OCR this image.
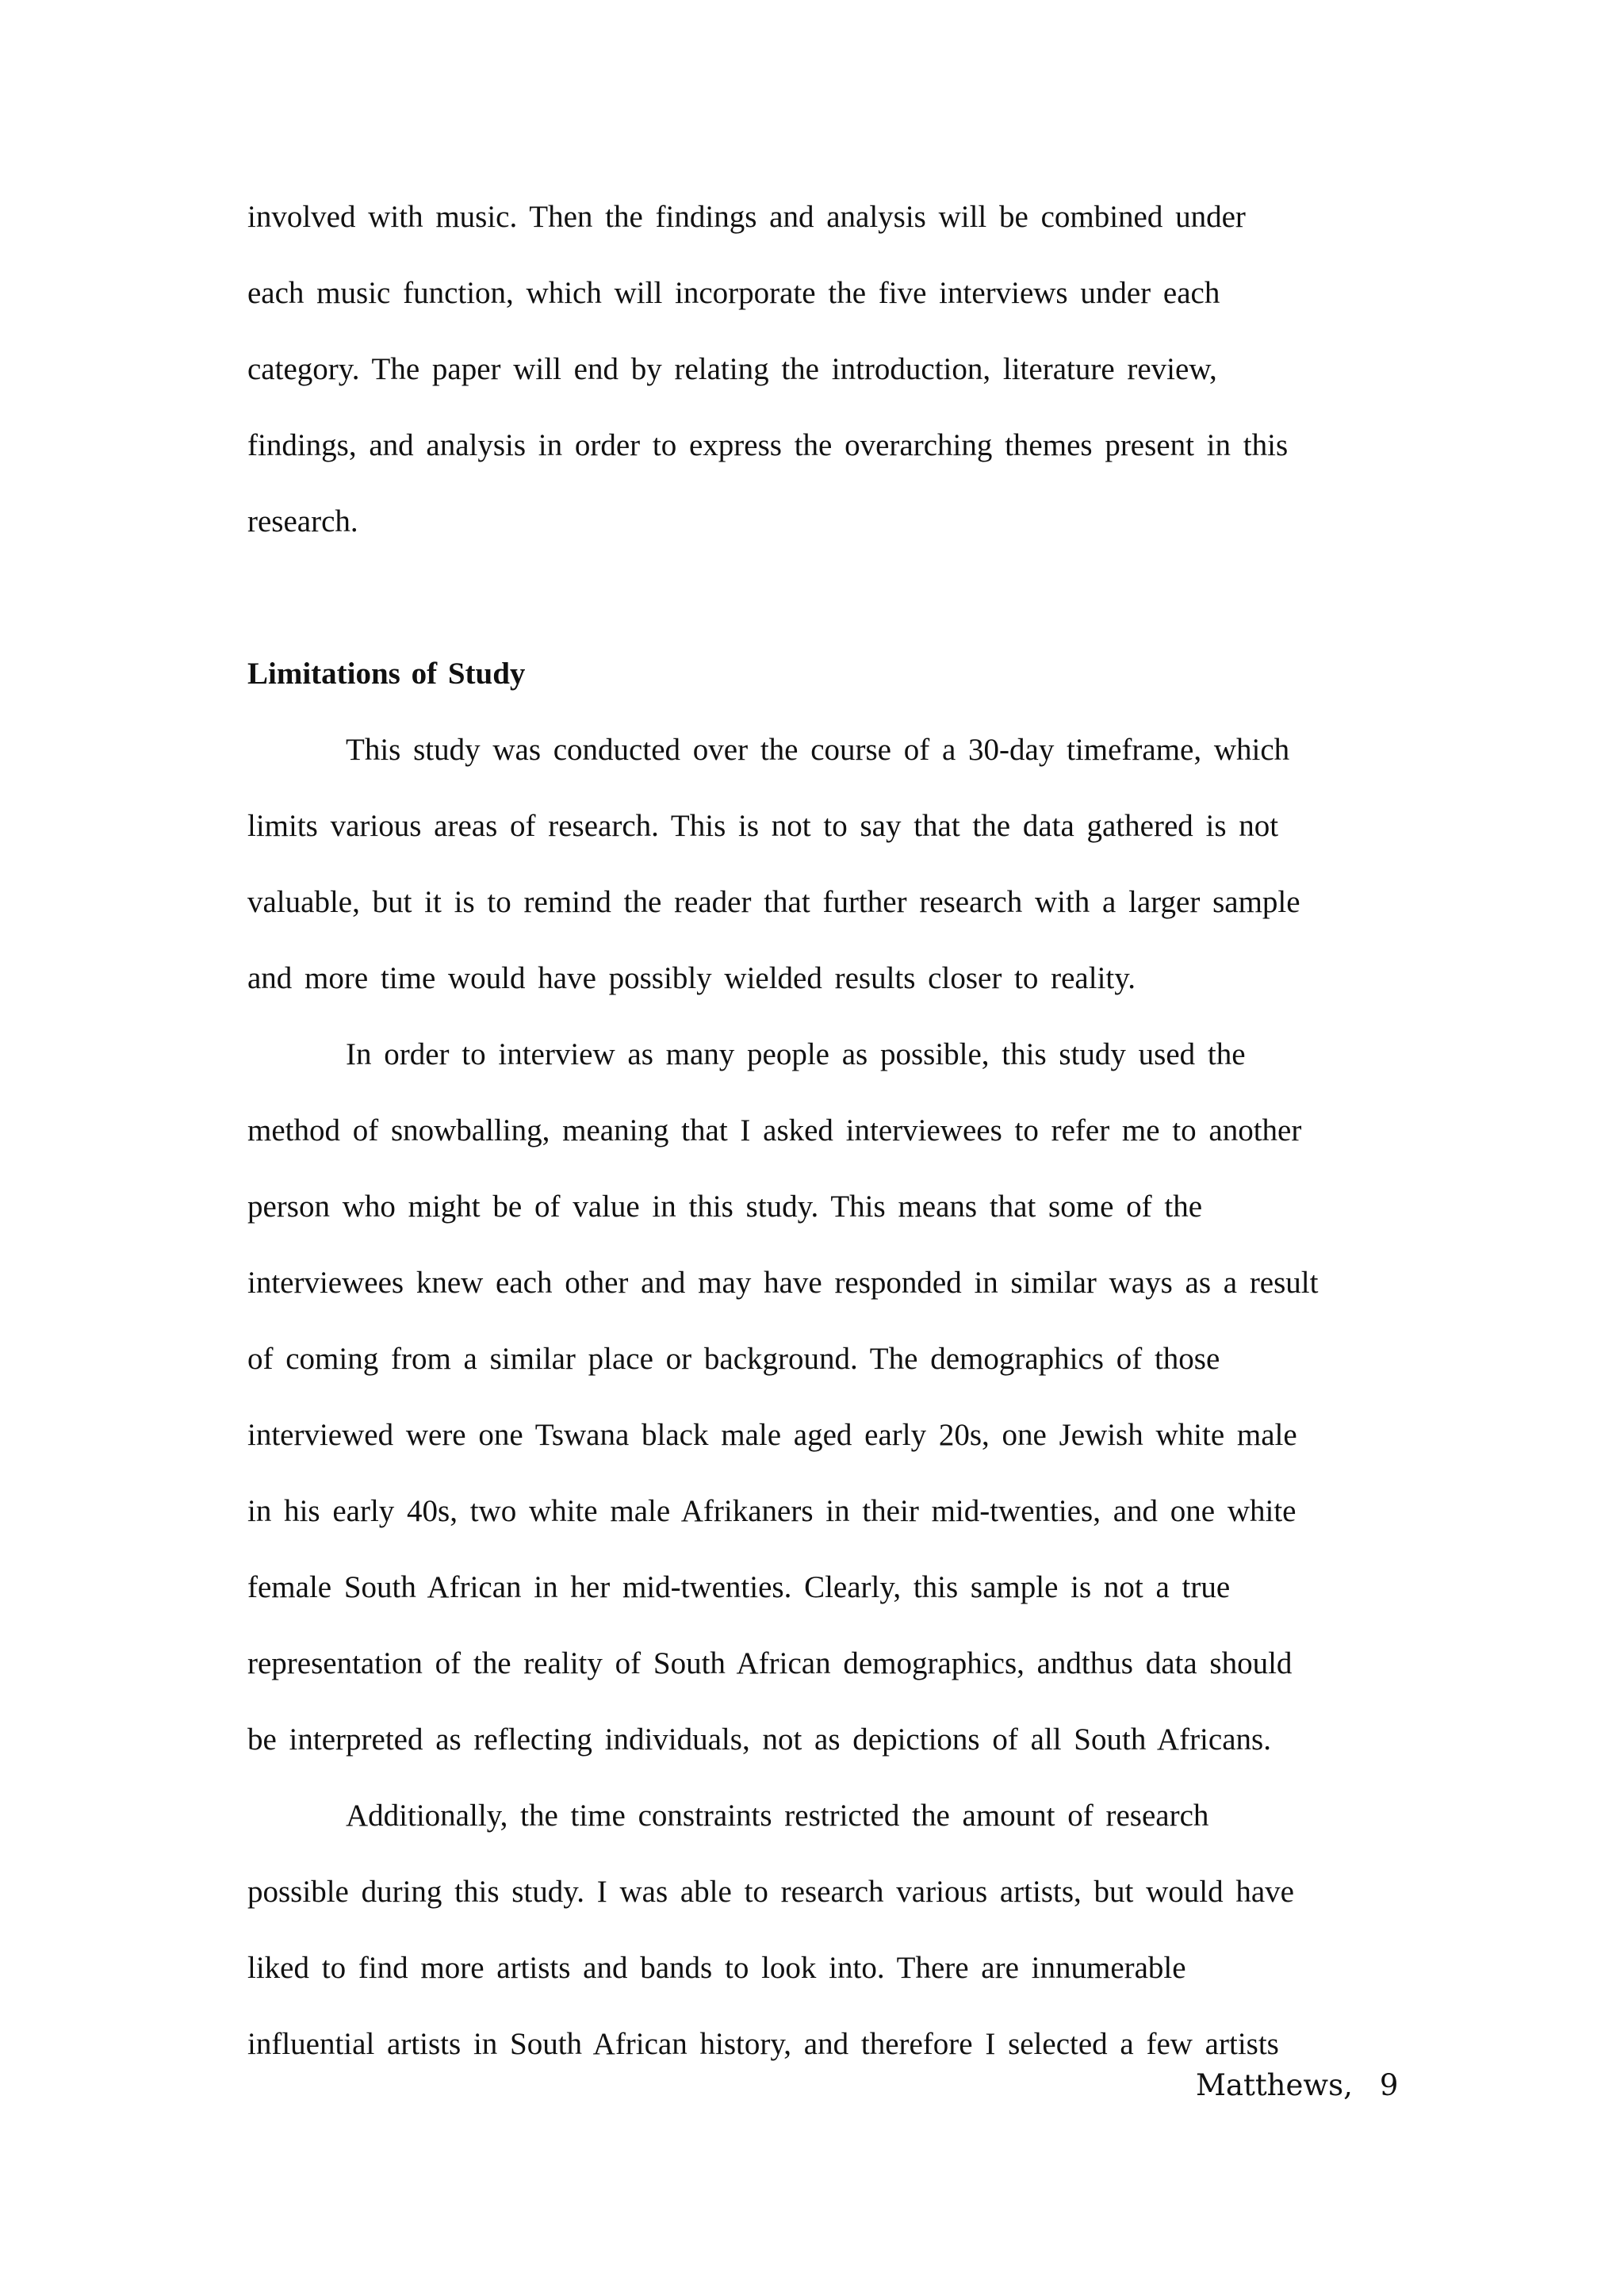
involved with music. Then the findings and analysis will be combined under
each music function, which will incorporate the five interviews under each
category. The paper will end by relating the introduction, literature review,
findings, and analysis in order to express the overarching themes present in this
research.
Limitations of Study
This study was conducted over the course of a 30-day timeframe, which
limits various areas of research. This is not to say that the data gathered is not
valuable, but it is to remind the reader that further research with a larger sample
and more time would have possibly wielded results closer to reality.
In order to interview as many people as possible, this study used the
method of snowballing, meaning that I asked interviewees to refer me to another
person who might be of value in this study. This means that some of the
interviewees knew each other and may have responded in similar ways as a result
of coming from a similar place or background. The demographics of those
interviewed were one Tswana black male aged early 20s, one Jewish white male
in his early 40s, two white male Afrikaners in their mid-twenties, and one white
female South African in her mid-twenties. Clearly, this sample is not a true
representation of the reality of South African demographics, andthus data should
be interpreted as reflecting individuals, not as depictions of all South Africans.
Additionally, the time constraints restricted the amount of research
possible during this study. I was able to research various artists, but would have
liked to find more artists and bands to look into. There are innumerable
influential artists in South African history, and therefore I selected a few artists
Matthews, 9
